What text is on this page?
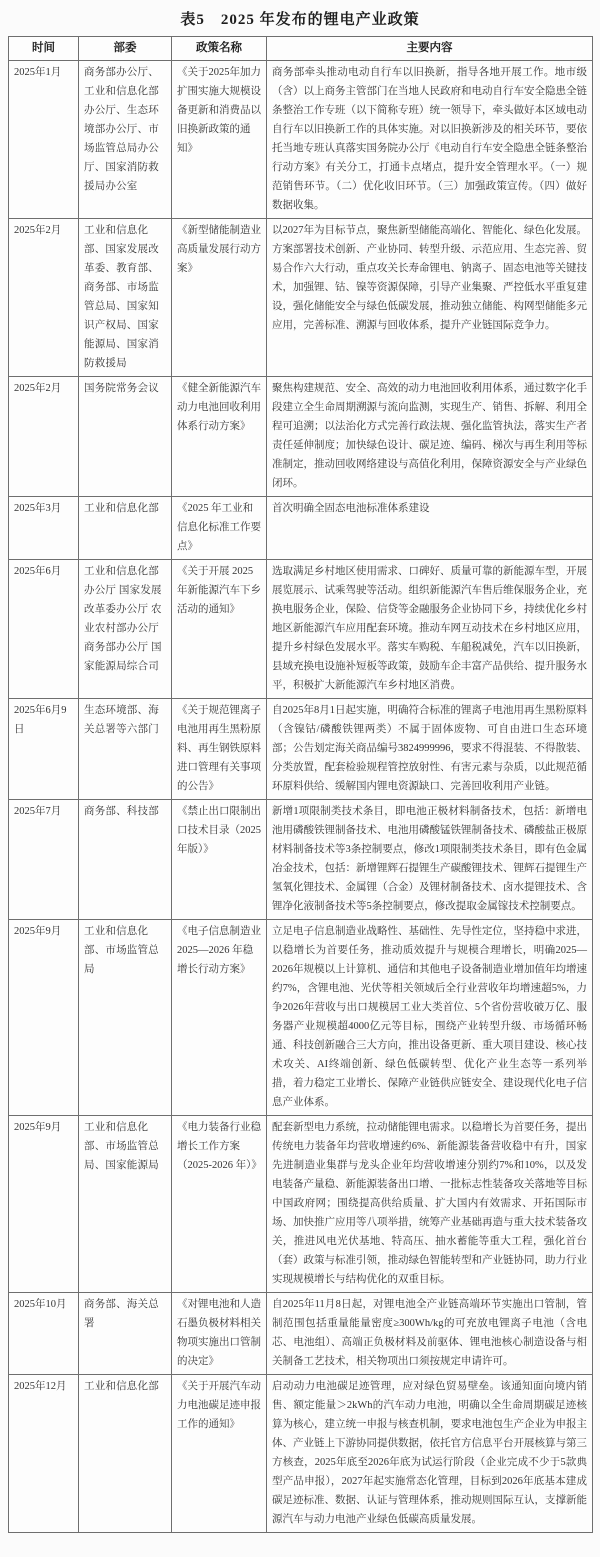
表5　2025 年发布的锂电产业政策
时间	部委	政策名称	主要内容
2025年1月	商务部办公厅、工业和信息化部办公厅、生态环境部办公厅、市场监管总局办公厅、国家消防救援局办公室	《关于2025年加力扩围实施大规模设备更新和消费品以旧换新政策的通知》	商务部牵头推动电动自行车以旧换新，指导各地开展工作。地市级（含）以上商务主管部门在当地人民政府和电动自行车安全隐患全链条整治工作专班（以下简称专班）统一领导下，牵头做好本区域电动自行车以旧换新工作的具体实施。对以旧换新涉及的相关环节，要依托当地专班认真落实国务院办公厅《电动自行车安全隐患全链条整治行动方案》有关分工，打通卡点堵点，提升安全管理水平。（一）规范销售环节。（二）优化收旧环节。（三）加强政策宣传。（四）做好数据收集。
2025年2月	工业和信息化部、国家发展改革委、教育部、商务部、市场监管总局、国家知识产权局、国家能源局、国家消防救援局	《新型储能制造业高质量发展行动方案》	以2027年为目标节点，聚焦新型储能高端化、智能化、绿色化发展。方案部署技术创新、产业协同、转型升级、示范应用、生态完善、贸易合作六大行动，重点攻关长寿命锂电、钠离子、固态电池等关键技术，加强锂、钴、镍等资源保障，引导产业集聚、严控低水平重复建设，强化储能安全与绿色低碳发展，推动独立储能、构网型储能多元应用，完善标准、溯源与回收体系，提升产业链国际竞争力。
2025年2月	国务院常务会议	《健全新能源汽车动力电池回收利用体系行动方案》	聚焦构建规范、安全、高效的动力电池回收利用体系，通过数字化手段建立全生命周期溯源与流向监测，实现生产、销售、拆解、利用全程可追溯；以法治化方式完善行政法规、强化监管执法，落实生产者责任延伸制度；加快绿色设计、碳足迹、编码、梯次与再生利用等标准制定，推动回收网络建设与高值化利用，保障资源安全与产业绿色闭环。
2025年3月	工业和信息化部	《2025 年工业和信息化标准工作要点》	首次明确全固态电池标准体系建设
2025年6月	工业和信息化部办公厅 国家发展改革委办公厅 农业农村部办公厅 商务部办公厅 国家能源局综合司	《关于开展 2025 年新能源汽车下乡活动的通知》	选取满足乡村地区使用需求、口碑好、质量可靠的新能源车型，开展展览展示、试乘驾驶等活动。组织新能源汽车售后维保服务企业，充换电服务企业，保险、信贷等金融服务企业协同下乡，持续优化乡村地区新能源汽车应用配套环境。推动车网互动技术在乡村地区应用，提升乡村绿色发展水平。落实车购税、车船税减免，汽车以旧换新，县域充换电设施补短板等政策，鼓励车企丰富产品供给、提升服务水平，积极扩大新能源汽车乡村地区消费。
2025年6月9日	生态环境部、海关总署等六部门	《关于规范锂离子电池用再生黑粉原料、再生钢铁原料进口管理有关事项的公告》	自2025年8月1日起实施，明确符合标准的锂离子电池用再生黑粉原料（含镍钴/磷酸铁锂两类）不属于固体废物、可自由进口生态环境部；公告划定海关商品编号3824999996，要求不得混装、不得散装、分类放置，配套检验规程管控放射性、有害元素与杂质，以此规范循环原料供给、缓解国内锂电资源缺口、完善回收利用产业链。
2025年7月	商务部、科技部	《禁止出口限制出口技术目录（2025 年版）》	新增1项限制类技术条目，即电池正极材料制备技术，包括：新增电池用磷酸铁锂制备技术、电池用磷酸锰铁锂制备技术、磷酸盐正极原材料制备技术等3条控制要点，修改1项限制类技术条目，即有色金属冶金技术，包括：新增锂辉石提锂生产碳酸锂技术、锂辉石提锂生产氢氧化锂技术、金属锂（合金）及锂材制备技术、卤水提锂技术、含锂净化液制备技术等5条控制要点，修改提取金属镓技术控制要点。
2025年9月	工业和信息化部、市场监管总局	《电子信息制造业2025—2026 年稳增长行动方案》	立足电子信息制造业战略性、基础性、先导性定位，坚持稳中求进，以稳增长为首要任务，推动质效提升与规模合理增长，明确2025—2026年规模以上计算机、通信和其他电子设备制造业增加值年均增速约7%，含锂电池、光伏等相关领域后全行业营收年均增速超5%，力争2026年营收与出口规模居工业大类首位、5个省份营收破万亿、服务器产业规模超4000亿元等目标，围绕产业转型升级、市场循环畅通、科技创新融合三大方向，推出设备更新、重大项目建设、核心技术攻关、AI终端创新、绿色低碳转型、优化产业生态等一系列举措，着力稳定工业增长、保障产业链供应链安全、建设现代化电子信息产业体系。
2025年9月	工业和信息化部、市场监管总局、国家能源局	《电力装备行业稳增长工作方案（2025-2026 年）》	配套新型电力系统，拉动储能锂电需求。以稳增长为首要任务，提出传统电力装备年均营收增速约6%、新能源装备营收稳中有升，国家先进制造业集群与龙头企业年均营收增速分别约7%和10%，以及发电装备产量稳、新能源装备出口增、一批标志性装备攻关落地等目标中国政府网；围绕提高供给质量、扩大国内有效需求、开拓国际市场、加快推广应用等八项举措，统筹产业基础再造与重大技术装备攻关，推进风电光伏基地、特高压、抽水蓄能等重大工程，强化首台（套）政策与标准引领，推动绿色智能转型和产业链协同，助力行业实现规模增长与结构优化的双重目标。
2025年10月	商务部、海关总署	《对锂电池和人造石墨负极材料相关物项实施出口管制的决定》	自2025年11月8日起，对锂电池全产业链高端环节实施出口管制，管制范围包括重量能量密度≥300Wh/kg的可充放电锂离子电池（含电芯、电池组）、高端正负极材料及前驱体、锂电池核心制造设备与相关制备工艺技术，相关物项出口须按规定申请许可。
2025年12月	工业和信息化部	《关于开展汽车动力电池碳足迹申报工作的通知》	启动动力电池碳足迹管理，应对绿色贸易壁垒。该通知面向境内销售、额定能量＞2kWh的汽车动力电池，明确以全生命周期碳足迹核算为核心，建立统一申报与核查机制，要求电池包生产企业为申报主体、产业链上下游协同提供数据，依托官方信息平台开展核算与第三方核查，2025年底至2026年底为试运行阶段（企业完成不少于5款典型产品申报），2027年起实施常态化管理，目标到2026年底基本建成碳足迹标准、数据、认证与管理体系，推动规则国际互认，支撑新能源汽车与动力电池产业绿色低碳高质量发展。
